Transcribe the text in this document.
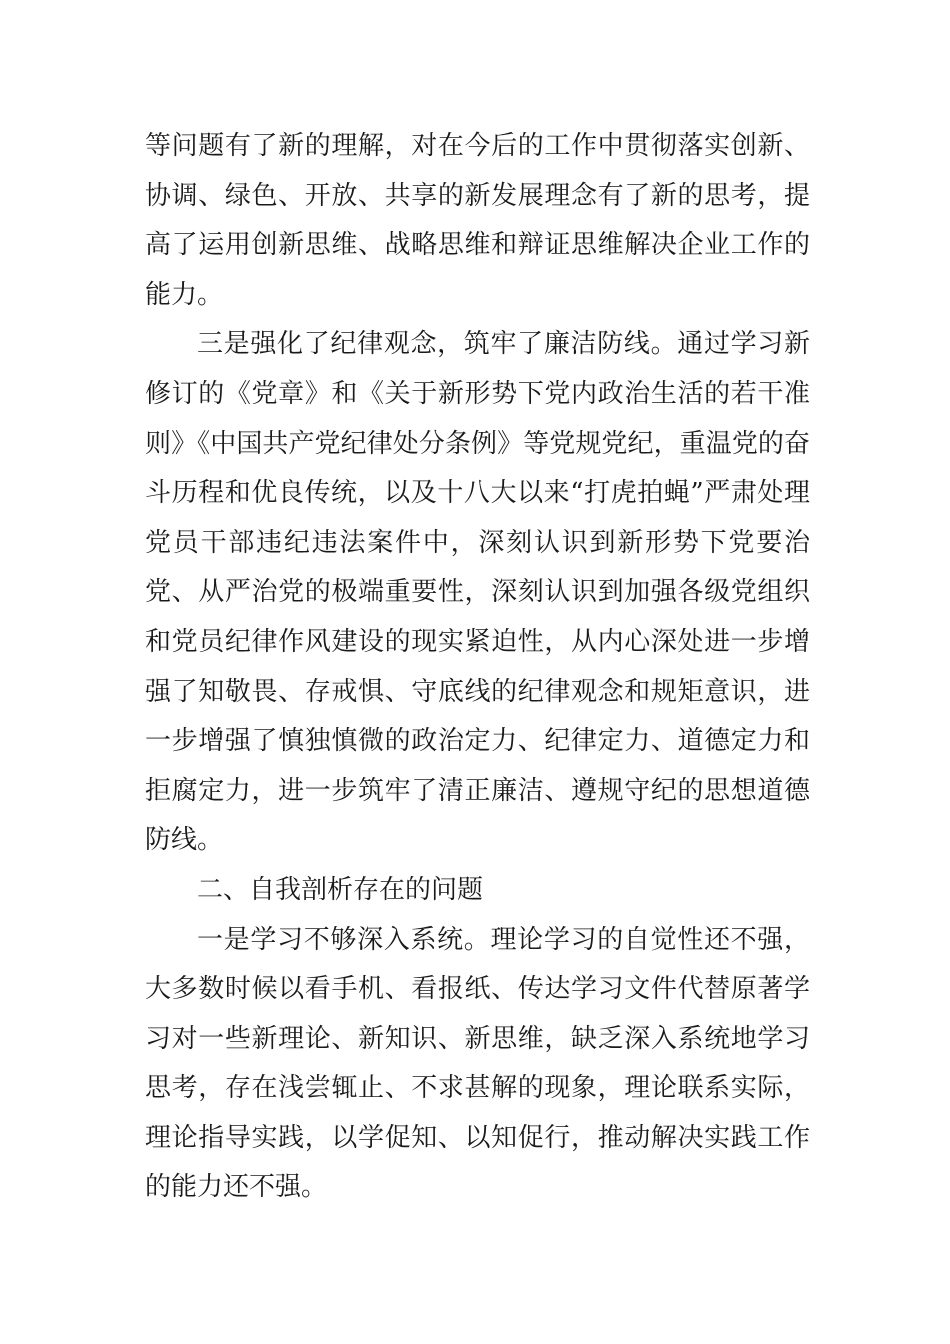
等问题有了新的理解，对在今后的工作中贯彻落实创新、协调、绿色、开放、共享的新发展理念有了新的思考，提高了运用创新思维、战略思维和辩证思维解决企业工作的能力。

三是强化了纪律观念，筑牢了廉洁防线。通过学习新修订的《党章》和《关于新形势下党内政治生活的若干准则》《中国共产党纪律处分条例》等党规党纪，重温党的奋斗历程和优良传统，以及十八大以来“打虎拍蝇”严肃处理党员干部违纪违法案件中，深刻认识到新形势下党要治党、从严治党的极端重要性，深刻认识到加强各级党组织和党员纪律作风建设的现实紧迫性，从内心深处进一步增强了知敬畏、存戒惧、守底线的纪律观念和规矩意识，进一步增强了慎独慎微的政治定力、纪律定力、道德定力和拒腐定力，进一步筑牢了清正廉洁、遵规守纪的思想道德防线。

二、自我剖析存在的问题

一是学习不够深入系统。理论学习的自觉性还不强，大多数时候以看手机、看报纸、传达学习文件代替原著学习对一些新理论、新知识、新思维，缺乏深入系统地学习思考，存在浅尝辄止、不求甚解的现象，理论联系实际，理论指导实践，以学促知、以知促行，推动解决实践工作的能力还不强。
